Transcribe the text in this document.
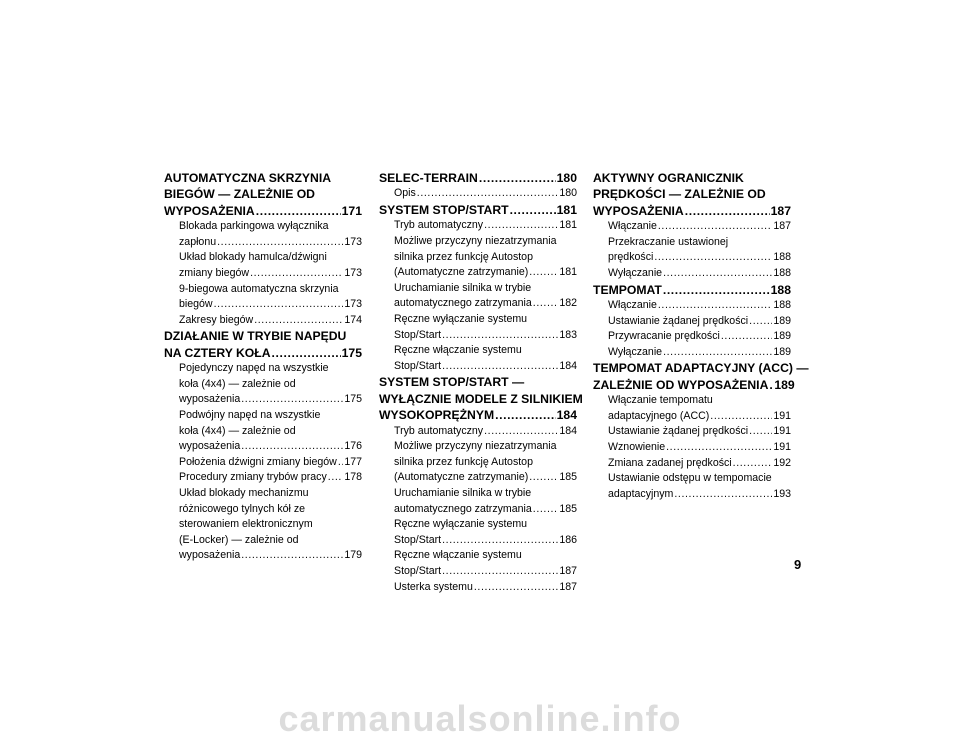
AUTOMATYCZNA SKRZYNIA
BIEGÓW — ZALEŻNIE OD
WYPOSAŻENIA .....	171
Blokada parkingowa wyłącznika
zapłonu .....	173
Układ blokady hamulca/dźwigni
zmiany biegów .....	173
9-biegowa automatyczna skrzynia
biegów .....	173
Zakresy biegów .....	174
DZIAŁANIE W TRYBIE NAPĘDU
NA CZTERY KOŁA .....	175
Pojedynczy napęd na wszystkie
koła (4x4) — zależnie od
wyposażenia .....	175
Podwójny napęd na wszystkie
koła (4x4) — zależnie od
wyposażenia .....	176
Położenia dźwigni zmiany biegów ..... 177
Procedury zmiany trybów pracy ..... 178
Układ blokady mechanizmu
różnicowego tylnych kół ze
sterowaniem elektronicznym
(E-Locker) — zależnie od
wyposażenia .....	179
SELEC-TERRAIN .....	180
Opis .....	180
SYSTEM STOP/START .....	181
Tryb automatyczny .....	181
Możliwe przyczyny niezatrzymania
silnika przez funkcję Autostop
(Automatyczne zatrzymanie) .....	181
Uruchamianie silnika w trybie
automatycznego zatrzymania .....	182
Ręczne wyłączanie systemu
Stop/Start .....	183
Ręczne włączanie systemu
Stop/Start .....	184
SYSTEM STOP/START —
WYŁĄCZNIE MODELE Z SILNIKIEM
WYSOKOPRĘŻNYM .....	184
Tryb automatyczny .....	184
Możliwe przyczyny niezatrzymania
silnika przez funkcję Autostop
(Automatyczne zatrzymanie) .....	185
Uruchamianie silnika w trybie
automatycznego zatrzymania .....	185
Ręczne wyłączanie systemu
Stop/Start .....	186
Ręczne włączanie systemu
Stop/Start .....	187
Usterka systemu .....	187
AKTYWNY OGRANICZNIK
PRĘDKOŚCI — ZALEŻNIE OD
WYPOSAŻENIA .....	187
Włączanie .....	187
Przekraczanie ustawionej
prędkości .....	188
Wyłączanie .....	188
TEMPOMAT .....	188
Włączanie .....	188
Ustawianie żądanej prędkości ..... 189
Przywracanie prędkości .....	189
Wyłączanie .....	189
TEMPOMAT ADAPTACYJNY (ACC) —
ZALEŻNIE OD WYPOSAŻENIA ..... 189
Włączanie tempomatu
adaptacyjnego (ACC) .....	191
Ustawianie żądanej prędkości ..... 191
Wznowienie .....	191
Zmiana zadanej prędkości .....	192
Ustawianie odstępu w tempomacie
adaptacyjnym .....	193
9
carmanualsonline.info
